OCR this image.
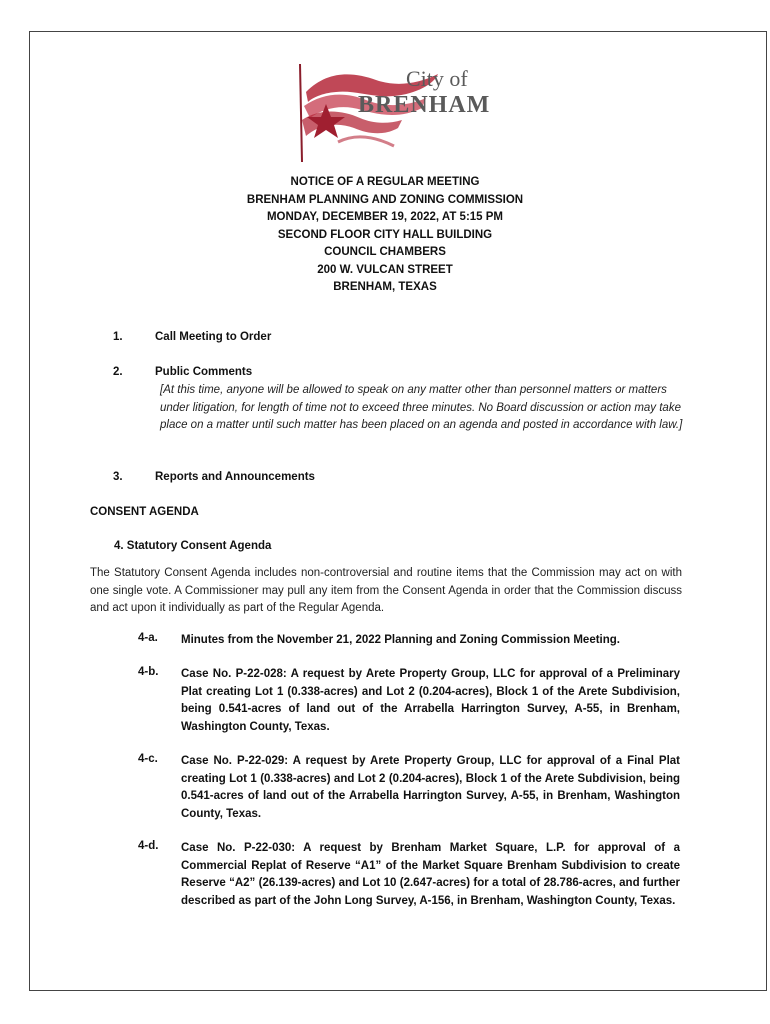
City of
BRENHAM
NOTICE OF A REGULAR MEETING
BRENHAM PLANNING AND ZONING COMMISSION
MONDAY, DECEMBER 19, 2022, AT 5:15 PM
SECOND FLOOR CITY HALL BUILDING
COUNCIL CHAMBERS
200 W. VULCAN STREET
BRENHAM, TEXAS
1.	Call Meeting to Order
2.	Public Comments
[At this time, anyone will be allowed to speak on any matter other than personnel matters or matters under litigation, for length of time not to exceed three minutes. No Board discussion or action may take place on a matter until such matter has been placed on an agenda and posted in accordance with law.]
3.	Reports and Announcements
CONSENT AGENDA
4. Statutory Consent Agenda
The Statutory Consent Agenda includes non-controversial and routine items that the Commission may act on with one single vote. A Commissioner may pull any item from the Consent Agenda in order that the Commission discuss and act upon it individually as part of the Regular Agenda.
4-a. Minutes from the November 21, 2022 Planning and Zoning Commission Meeting.
4-b. Case No. P-22-028: A request by Arete Property Group, LLC for approval of a Preliminary Plat creating Lot 1 (0.338-acres) and Lot 2 (0.204-acres), Block 1 of the Arete Subdivision, being 0.541-acres of land out of the Arrabella Harrington Survey, A-55, in Brenham, Washington County, Texas.
4-c. Case No. P-22-029: A request by Arete Property Group, LLC for approval of a Final Plat creating Lot 1 (0.338-acres) and Lot 2 (0.204-acres), Block 1 of the Arete Subdivision, being 0.541-acres of land out of the Arrabella Harrington Survey, A-55, in Brenham, Washington County, Texas.
4-d. Case No. P-22-030: A request by Brenham Market Square, L.P. for approval of a Commercial Replat of Reserve “A1” of the Market Square Brenham Subdivision to create Reserve “A2” (26.139-acres) and Lot 10 (2.647-acres) for a total of 28.786-acres, and further described as part of the John Long Survey, A-156, in Brenham, Washington County, Texas.
